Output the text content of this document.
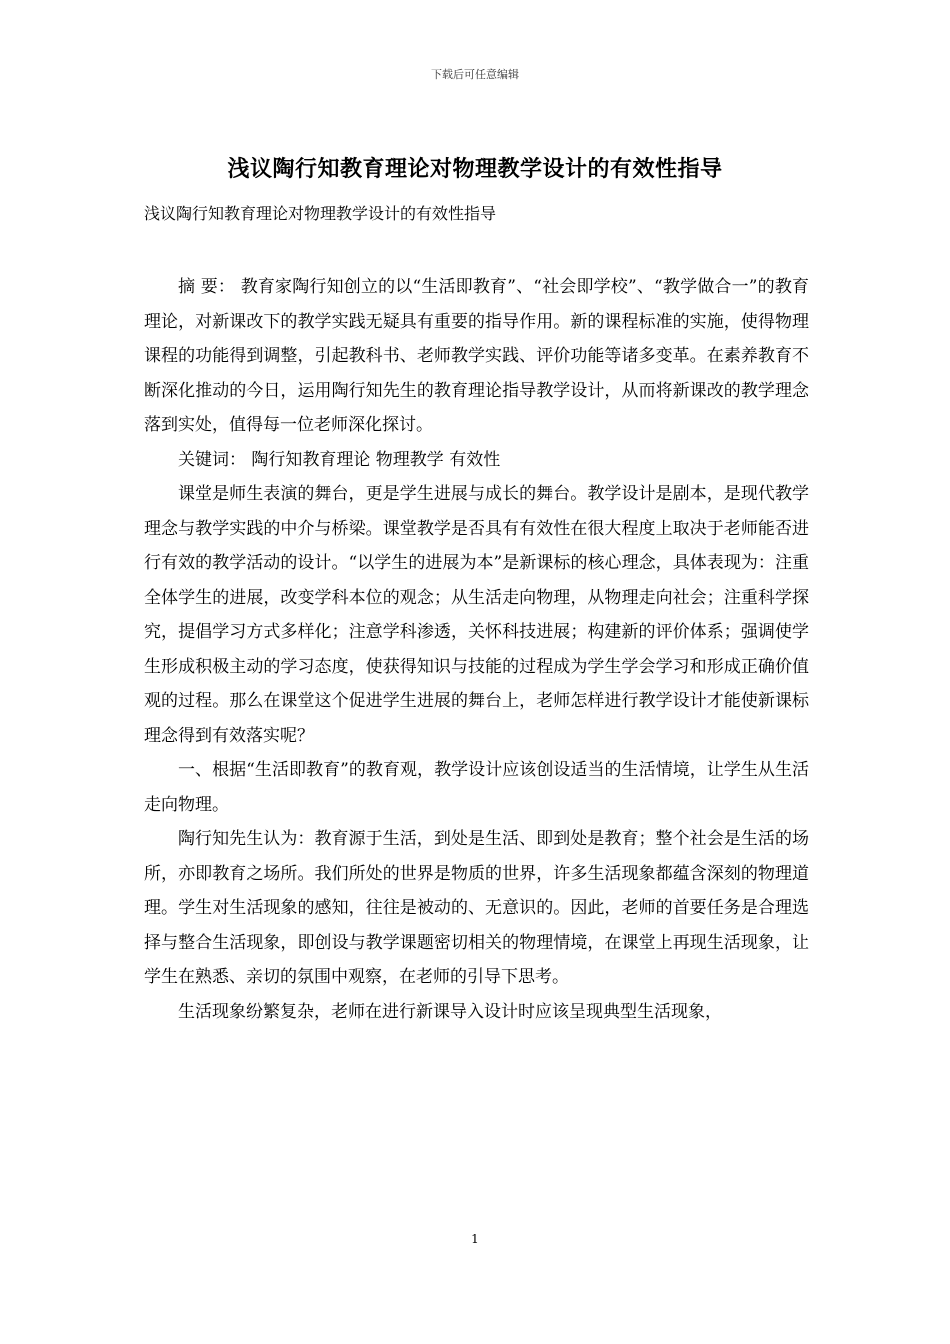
下载后可任意编辑
浅议陶行知教育理论对物理教学设计的有效性指导
浅议陶行知教育理论对物理教学设计的有效性指导

摘 要： 教育家陶行知创立的以“生活即教育”、“社会即学校”、“教学做合一”的教育理论，对新课改下的教学实践无疑具有重要的指导作用。新的课程标准的实施，使得物理课程的功能得到调整，引起教科书、老师教学实践、评价功能等诸多变革。在素养教育不断深化推动的今日，运用陶行知先生的教育理论指导教学设计，从而将新课改的教学理念落到实处，值得每一位老师深化探讨。

关键词： 陶行知教育理论 物理教学 有效性

课堂是师生表演的舞台，更是学生进展与成长的舞台。教学设计是剧本，是现代教学理念与教学实践的中介与桥梁。课堂教学是否具有有效性在很大程度上取决于老师能否进行有效的教学活动的设计。“以学生的进展为本”是新课标的核心理念，具体表现为：注重全体学生的进展，改变学科本位的观念；从生活走向物理，从物理走向社会；注重科学探究，提倡学习方式多样化；注意学科渗透，关怀科技进展；构建新的评价体系；强调使学生形成积极主动的学习态度，使获得知识与技能的过程成为学生学会学习和形成正确价值观的过程。那么在课堂这个促进学生进展的舞台上，老师怎样进行教学设计才能使新课标理念得到有效落实呢？

一、根据“生活即教育”的教育观，教学设计应该创设适当的生活情境，让学生从生活走向物理。

陶行知先生认为：教育源于生活，到处是生活、即到处是教育；整个社会是生活的场所，亦即教育之场所。我们所处的世界是物质的世界，许多生活现象都蕴含深刻的物理道理。学生对生活现象的感知，往往是被动的、无意识的。因此，老师的首要任务是合理选择与整合生活现象，即创设与教学课题密切相关的物理情境，在课堂上再现生活现象，让学生在熟悉、亲切的氛围中观察，在老师的引导下思考。

生活现象纷繁复杂，老师在进行新课导入设计时应该呈现典型生活现象，

1
